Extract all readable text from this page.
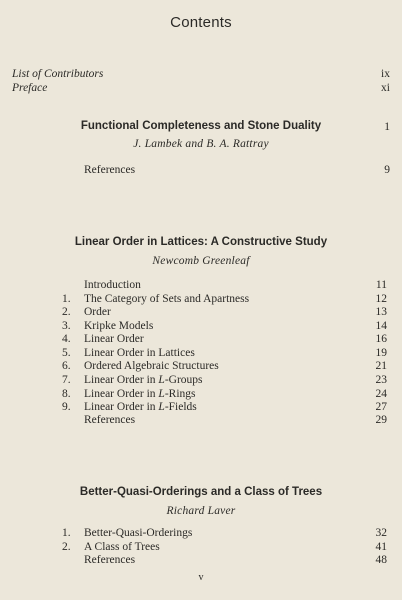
Contents
List of Contributors	ix
Preface	xi
Functional Completeness and Stone Duality	1
J. Lambek and B. A. Rattray
References	9
Linear Order in Lattices: A Constructive Study
Newcomb Greenleaf
Introduction	11
1. The Category of Sets and Apartness	12
2. Order	13
3. Kripke Models	14
4. Linear Order	16
5. Linear Order in Lattices	19
6. Ordered Algebraic Structures	21
7. Linear Order in L-Groups	23
8. Linear Order in L-Rings	24
9. Linear Order in L-Fields	27
References	29
Better-Quasi-Orderings and a Class of Trees
Richard Laver
1. Better-Quasi-Orderings	32
2. A Class of Trees	41
References	48
v
